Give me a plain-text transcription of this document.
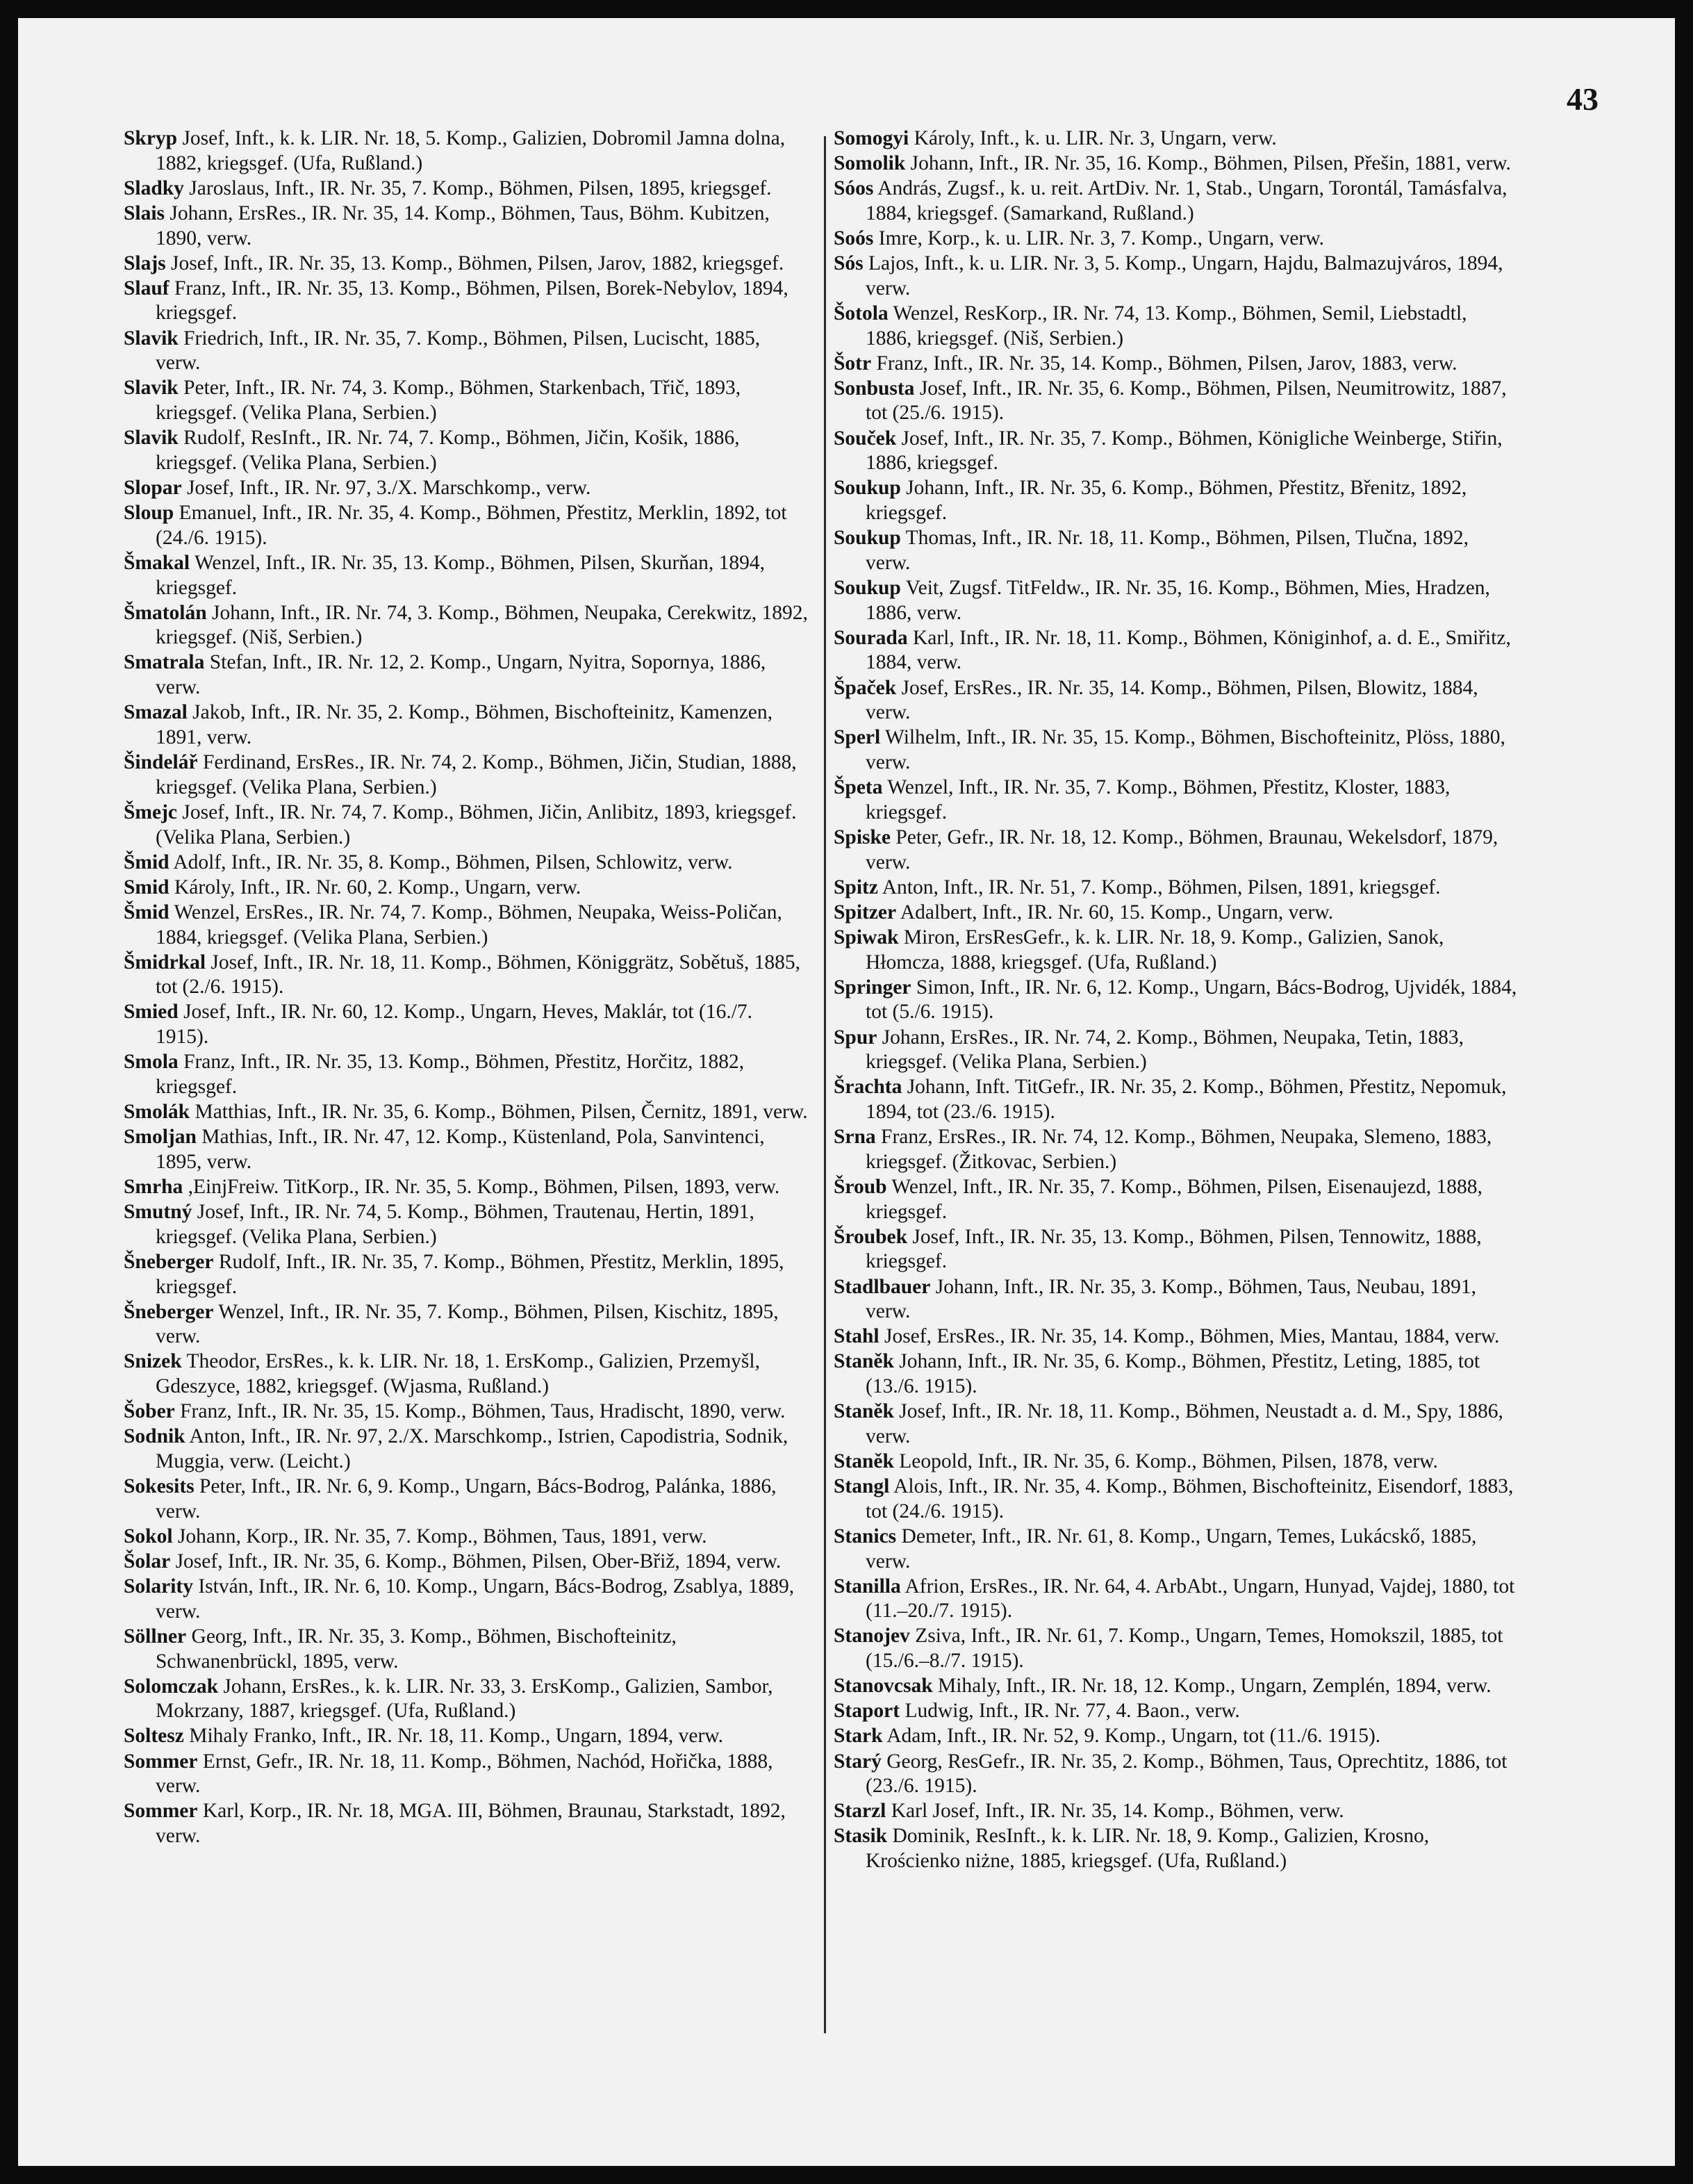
43

Skryp Josef, Inft., k. k. LIR. Nr. 18, 5. Komp., Galizien, Dobromil Jamna dolna, 1882, kriegsgef. (Ufa, Rußland.)

Sladky Jaroslaus, Inft., IR. Nr. 35, 7. Komp., Böhmen, Pilsen, 1895, kriegsgef.

Slais Johann, ErsRes., IR. Nr. 35, 14. Komp., Böhmen, Taus, Böhm. Kubitzen, 1890, verw.

Slajs Josef, Inft., IR. Nr. 35, 13. Komp., Böhmen, Pilsen, Jarov, 1882, kriegsgef.

Slauf Franz, Inft., IR. Nr. 35, 13. Komp., Böhmen, Pilsen, Borek-Nebylov, 1894, kriegsgef.

Slavik Friedrich, Inft., IR. Nr. 35, 7. Komp., Böhmen, Pilsen, Lucischt, 1885, verw.

Slavik Peter, Inft., IR. Nr. 74, 3. Komp., Böhmen, Starkenbach, Třič, 1893, kriegsgef. (Velika Plana, Serbien.)

Slavik Rudolf, ResInft., IR. Nr. 74, 7. Komp., Böhmen, Jičin, Košik, 1886, kriegsgef. (Velika Plana, Serbien.)

Slopar Josef, Inft., IR. Nr. 97, 3./X. Marschkomp., verw.

Sloup Emanuel, Inft., IR. Nr. 35, 4. Komp., Böhmen, Přestitz, Merklin, 1892, tot (24./6. 1915).

Šmakal Wenzel, Inft., IR. Nr. 35, 13. Komp., Böhmen, Pilsen, Skurňan, 1894, kriegsgef.

Šmatolán Johann, Inft., IR. Nr. 74, 3. Komp., Böhmen, Neupaka, Cerekwitz, 1892, kriegsgef. (Niš, Serbien.)

Smatrala Stefan, Inft., IR. Nr. 12, 2. Komp., Ungarn, Nyitra, Sopornya, 1886, verw.

Smazal Jakob, Inft., IR. Nr. 35, 2. Komp., Böhmen, Bischofteinitz, Kamenzen, 1891, verw.

Šindelář Ferdinand, ErsRes., IR. Nr. 74, 2. Komp., Böhmen, Jičin, Studian, 1888, kriegsgef. (Velika Plana, Serbien.)

Šmejc Josef, Inft., IR. Nr. 74, 7. Komp., Böhmen, Jičin, Anlibitz, 1893, kriegsgef. (Velika Plana, Serbien.)

Šmid Adolf, Inft., IR. Nr. 35, 8. Komp., Böhmen, Pilsen, Schlowitz, verw.

Smid Károly, Inft., IR. Nr. 60, 2. Komp., Ungarn, verw.

Šmid Wenzel, ErsRes., IR. Nr. 74, 7. Komp., Böhmen, Neupaka, Weiss-Poličan, 1884, kriegsgef. (Velika Plana, Serbien.)

Šmidrkal Josef, Inft., IR. Nr. 18, 11. Komp., Böhmen, Königgrätz, Sobětuš, 1885, tot (2./6. 1915).

Smied Josef, Inft., IR. Nr. 60, 12. Komp., Ungarn, Heves, Maklár, tot (16./7. 1915).

Smola Franz, Inft., IR. Nr. 35, 13. Komp., Böhmen, Přestitz, Horčitz, 1882, kriegsgef.

Smolák Matthias, Inft., IR. Nr. 35, 6. Komp., Böhmen, Pilsen, Černitz, 1891, verw.

Smoljan Mathias, Inft., IR. Nr. 47, 12. Komp., Küstenland, Pola, Sanvintenci, 1895, verw.

Smrha ,EinjFreiw. TitKorp., IR. Nr. 35, 5. Komp., Böhmen, Pilsen, 1893, verw.

Smutný Josef, Inft., IR. Nr. 74, 5. Komp., Böhmen, Trautenau, Hertin, 1891, kriegsgef. (Velika Plana, Serbien.)

Šneberger Rudolf, Inft., IR. Nr. 35, 7. Komp., Böhmen, Přestitz, Merklin, 1895, kriegsgef.

Šneberger Wenzel, Inft., IR. Nr. 35, 7. Komp., Böhmen, Pilsen, Kischitz, 1895, verw.

Snizek Theodor, ErsRes., k. k. LIR. Nr. 18, 1. ErsKomp., Galizien, Przemyšl, Gdeszyce, 1882, kriegsgef. (Wjasma, Rußland.)

Šober Franz, Inft., IR. Nr. 35, 15. Komp., Böhmen, Taus, Hradischt, 1890, verw.

Sodnik Anton, Inft., IR. Nr. 97, 2./X. Marschkomp., Istrien, Capodistria, Sodnik, Muggia, verw. (Leicht.)

Sokesits Peter, Inft., IR. Nr. 6, 9. Komp., Ungarn, Bács-Bodrog, Palánka, 1886, verw.

Sokol Johann, Korp., IR. Nr. 35, 7. Komp., Böhmen, Taus, 1891, verw.

Šolar Josef, Inft., IR. Nr. 35, 6. Komp., Böhmen, Pilsen, Ober-Břiž, 1894, verw.

Solarity István, Inft., IR. Nr. 6, 10. Komp., Ungarn, Bács-Bodrog, Zsablya, 1889, verw.

Söllner Georg, Inft., IR. Nr. 35, 3. Komp., Böhmen, Bischofteinitz, Schwanenbrückl, 1895, verw.

Solomczak Johann, ErsRes., k. k. LIR. Nr. 33, 3. ErsKomp., Galizien, Sambor, Mokrzany, 1887, kriegsgef. (Ufa, Rußland.)

Soltesz Mihaly Franko, Inft., IR. Nr. 18, 11. Komp., Ungarn, 1894, verw.

Sommer Ernst, Gefr., IR. Nr. 18, 11. Komp., Böhmen, Nachód, Hořička, 1888, verw.

Sommer Karl, Korp., IR. Nr. 18, MGA. III, Böhmen, Braunau, Starkstadt, 1892, verw.

Somogyi Károly, Inft., k. u. LIR. Nr. 3, Ungarn, verw.

Somolik Johann, Inft., IR. Nr. 35, 16. Komp., Böhmen, Pilsen, Přešin, 1881, verw.

Sóos András, Zugsf., k. u. reit. ArtDiv. Nr. 1, Stab., Ungarn, Torontál, Tamásfalva, 1884, kriegsgef. (Samarkand, Rußland.)

Soós Imre, Korp., k. u. LIR. Nr. 3, 7. Komp., Ungarn, verw.

Sós Lajos, Inft., k. u. LIR. Nr. 3, 5. Komp., Ungarn, Hajdu, Balmazujváros, 1894, verw.

Šotola Wenzel, ResKorp., IR. Nr. 74, 13. Komp., Böhmen, Semil, Liebstadtl, 1886, kriegsgef. (Niš, Serbien.)

Šotr Franz, Inft., IR. Nr. 35, 14. Komp., Böhmen, Pilsen, Jarov, 1883, verw.

Sonbusta Josef, Inft., IR. Nr. 35, 6. Komp., Böhmen, Pilsen, Neumitrowitz, 1887, tot (25./6. 1915).

Souček Josef, Inft., IR. Nr. 35, 7. Komp., Böhmen, Königliche Weinberge, Stiřin, 1886, kriegsgef.

Soukup Johann, Inft., IR. Nr. 35, 6. Komp., Böhmen, Přestitz, Břenitz, 1892, kriegsgef.

Soukup Thomas, Inft., IR. Nr. 18, 11. Komp., Böhmen, Pilsen, Tlučna, 1892, verw.

Soukup Veit, Zugsf. TitFeldw., IR. Nr. 35, 16. Komp., Böhmen, Mies, Hradzen, 1886, verw.

Sourada Karl, Inft., IR. Nr. 18, 11. Komp., Böhmen, Königinhof, a. d. E., Smiřitz, 1884, verw.

Špaček Josef, ErsRes., IR. Nr. 35, 14. Komp., Böhmen, Pilsen, Blowitz, 1884, verw.

Sperl Wilhelm, Inft., IR. Nr. 35, 15. Komp., Böhmen, Bischofteinitz, Plöss, 1880, verw.

Špeta Wenzel, Inft., IR. Nr. 35, 7. Komp., Böhmen, Přestitz, Kloster, 1883, kriegsgef.

Spiske Peter, Gefr., IR. Nr. 18, 12. Komp., Böhmen, Braunau, Wekelsdorf, 1879, verw.

Spitz Anton, Inft., IR. Nr. 51, 7. Komp., Böhmen, Pilsen, 1891, kriegsgef.

Spitzer Adalbert, Inft., IR. Nr. 60, 15. Komp., Ungarn, verw.

Spiwak Miron, ErsResGefr., k. k. LIR. Nr. 18, 9. Komp., Galizien, Sanok, Hłomcza, 1888, kriegsgef. (Ufa, Rußland.)

Springer Simon, Inft., IR. Nr. 6, 12. Komp., Ungarn, Bács-Bodrog, Ujvidék, 1884, tot (5./6. 1915).

Spur Johann, ErsRes., IR. Nr. 74, 2. Komp., Böhmen, Neupaka, Tetin, 1883, kriegsgef. (Velika Plana, Serbien.)

Šrachta Johann, Inft. TitGefr., IR. Nr. 35, 2. Komp., Böhmen, Přestitz, Nepomuk, 1894, tot (23./6. 1915).

Srna Franz, ErsRes., IR. Nr. 74, 12. Komp., Böhmen, Neupaka, Slemeno, 1883, kriegsgef. (Žitkovac, Serbien.)

Šroub Wenzel, Inft., IR. Nr. 35, 7. Komp., Böhmen, Pilsen, Eisenaujezd, 1888, kriegsgef.

Šroubek Josef, Inft., IR. Nr. 35, 13. Komp., Böhmen, Pilsen, Tennowitz, 1888, kriegsgef.

Stadlbauer Johann, Inft., IR. Nr. 35, 3. Komp., Böhmen, Taus, Neubau, 1891, verw.

Stahl Josef, ErsRes., IR. Nr. 35, 14. Komp., Böhmen, Mies, Mantau, 1884, verw.

Staněk Johann, Inft., IR. Nr. 35, 6. Komp., Böhmen, Přestitz, Leting, 1885, tot (13./6. 1915).

Staněk Josef, Inft., IR. Nr. 18, 11. Komp., Böhmen, Neustadt a. d. M., Spy, 1886, verw.

Staněk Leopold, Inft., IR. Nr. 35, 6. Komp., Böhmen, Pilsen, 1878, verw.

Stangl Alois, Inft., IR. Nr. 35, 4. Komp., Böhmen, Bischofteinitz, Eisendorf, 1883, tot (24./6. 1915).

Stanics Demeter, Inft., IR. Nr. 61, 8. Komp., Ungarn, Temes, Lukácskő, 1885, verw.

Stanilla Afrion, ErsRes., IR. Nr. 64, 4. ArbAbt., Ungarn, Hunyad, Vajdej, 1880, tot (11.–20./7. 1915).

Stanojev Zsiva, Inft., IR. Nr. 61, 7. Komp., Ungarn, Temes, Homokszil, 1885, tot (15./6.–8./7. 1915).

Stanovcsak Mihaly, Inft., IR. Nr. 18, 12. Komp., Ungarn, Zemplén, 1894, verw.

Staport Ludwig, Inft., IR. Nr. 77, 4. Baon., verw.

Stark Adam, Inft., IR. Nr. 52, 9. Komp., Ungarn, tot (11./6. 1915).

Starý Georg, ResGefr., IR. Nr. 35, 2. Komp., Böhmen, Taus, Oprechtitz, 1886, tot (23./6. 1915).

Starzl Karl Josef, Inft., IR. Nr. 35, 14. Komp., Böhmen, verw.

Stasik Dominik, ResInft., k. k. LIR. Nr. 18, 9. Komp., Galizien, Krosno, Krościenko niżne, 1885, kriegsgef. (Ufa, Rußland.)
